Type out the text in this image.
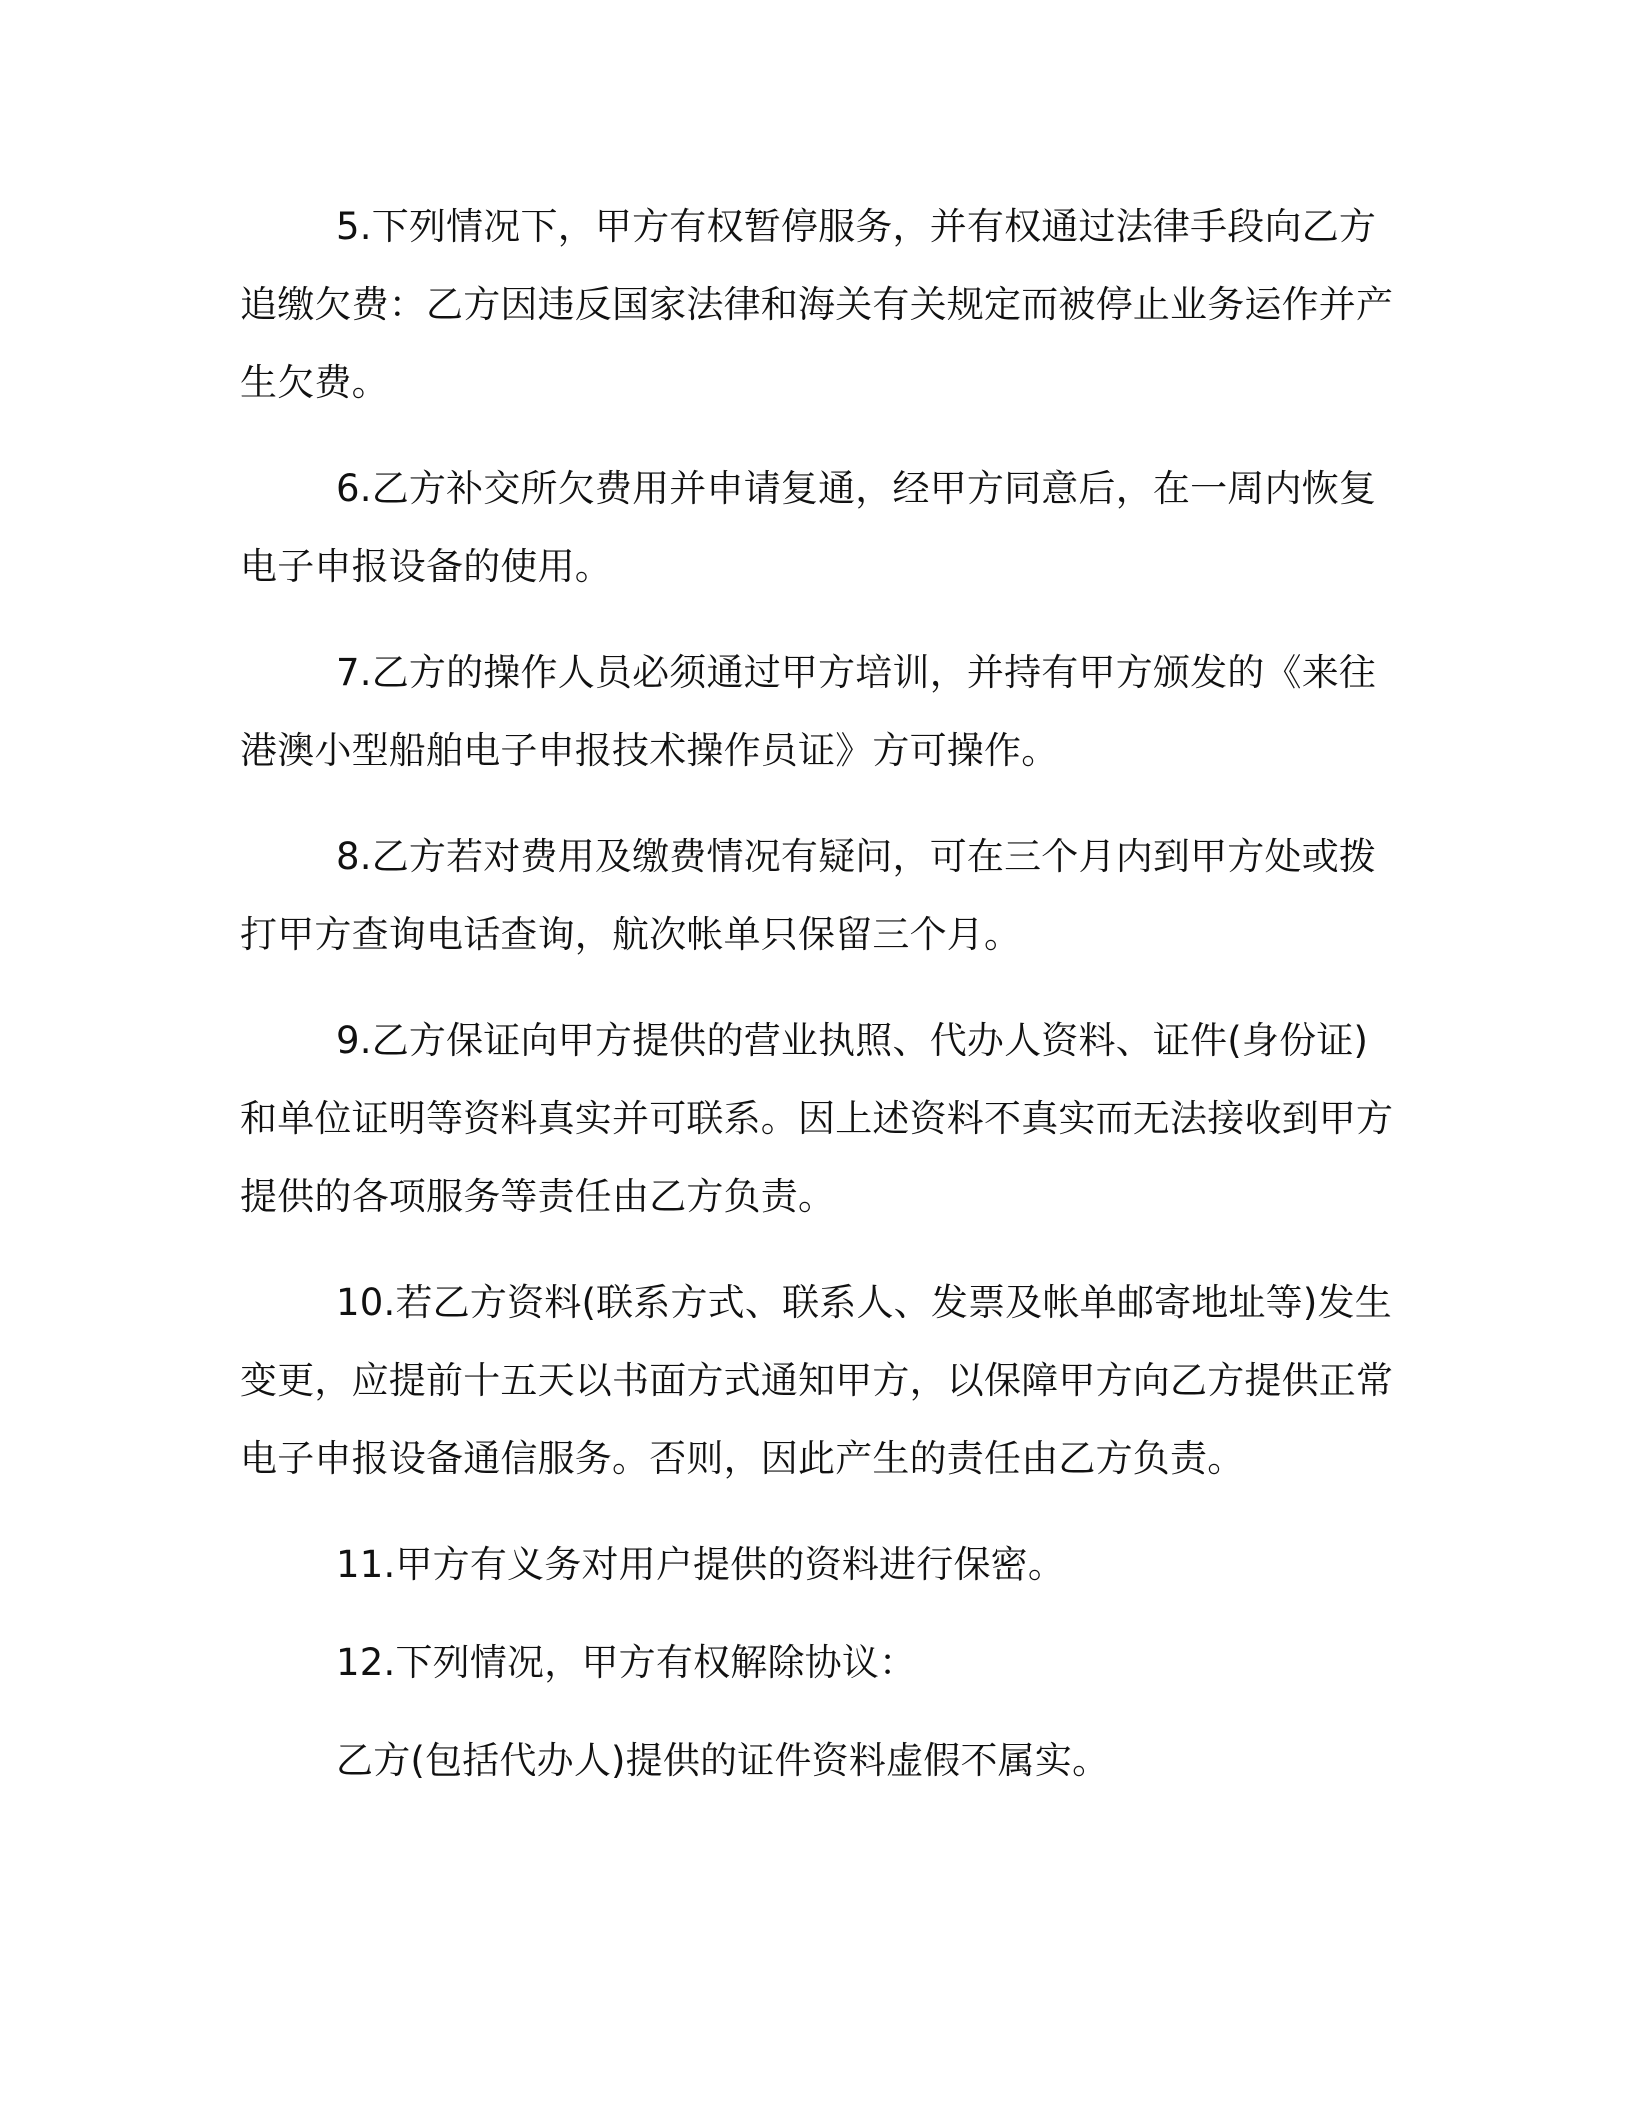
5.下列情况下，甲方有权暂停服务，并有权通过法律手段向乙方追缴欠费：乙方因违反国家法律和海关有关规定而被停止业务运作并产生欠费。

6.乙方补交所欠费用并申请复通，经甲方同意后，在一周内恢复电子申报设备的使用。

7.乙方的操作人员必须通过甲方培训，并持有甲方颁发的《来往港澳小型船舶电子申报技术操作员证》方可操作。

8.乙方若对费用及缴费情况有疑问，可在三个月内到甲方处或拨打甲方查询电话查询，航次帐单只保留三个月。

9.乙方保证向甲方提供的营业执照、代办人资料、证件(身份证)和单位证明等资料真实并可联系。因上述资料不真实而无法接收到甲方提供的各项服务等责任由乙方负责。

10.若乙方资料(联系方式、联系人、发票及帐单邮寄地址等)发生变更，应提前十五天以书面方式通知甲方，以保障甲方向乙方提供正常电子申报设备通信服务。否则，因此产生的责任由乙方负责。

11.甲方有义务对用户提供的资料进行保密。

12.下列情况，甲方有权解除协议：

乙方(包括代办人)提供的证件资料虚假不属实。
